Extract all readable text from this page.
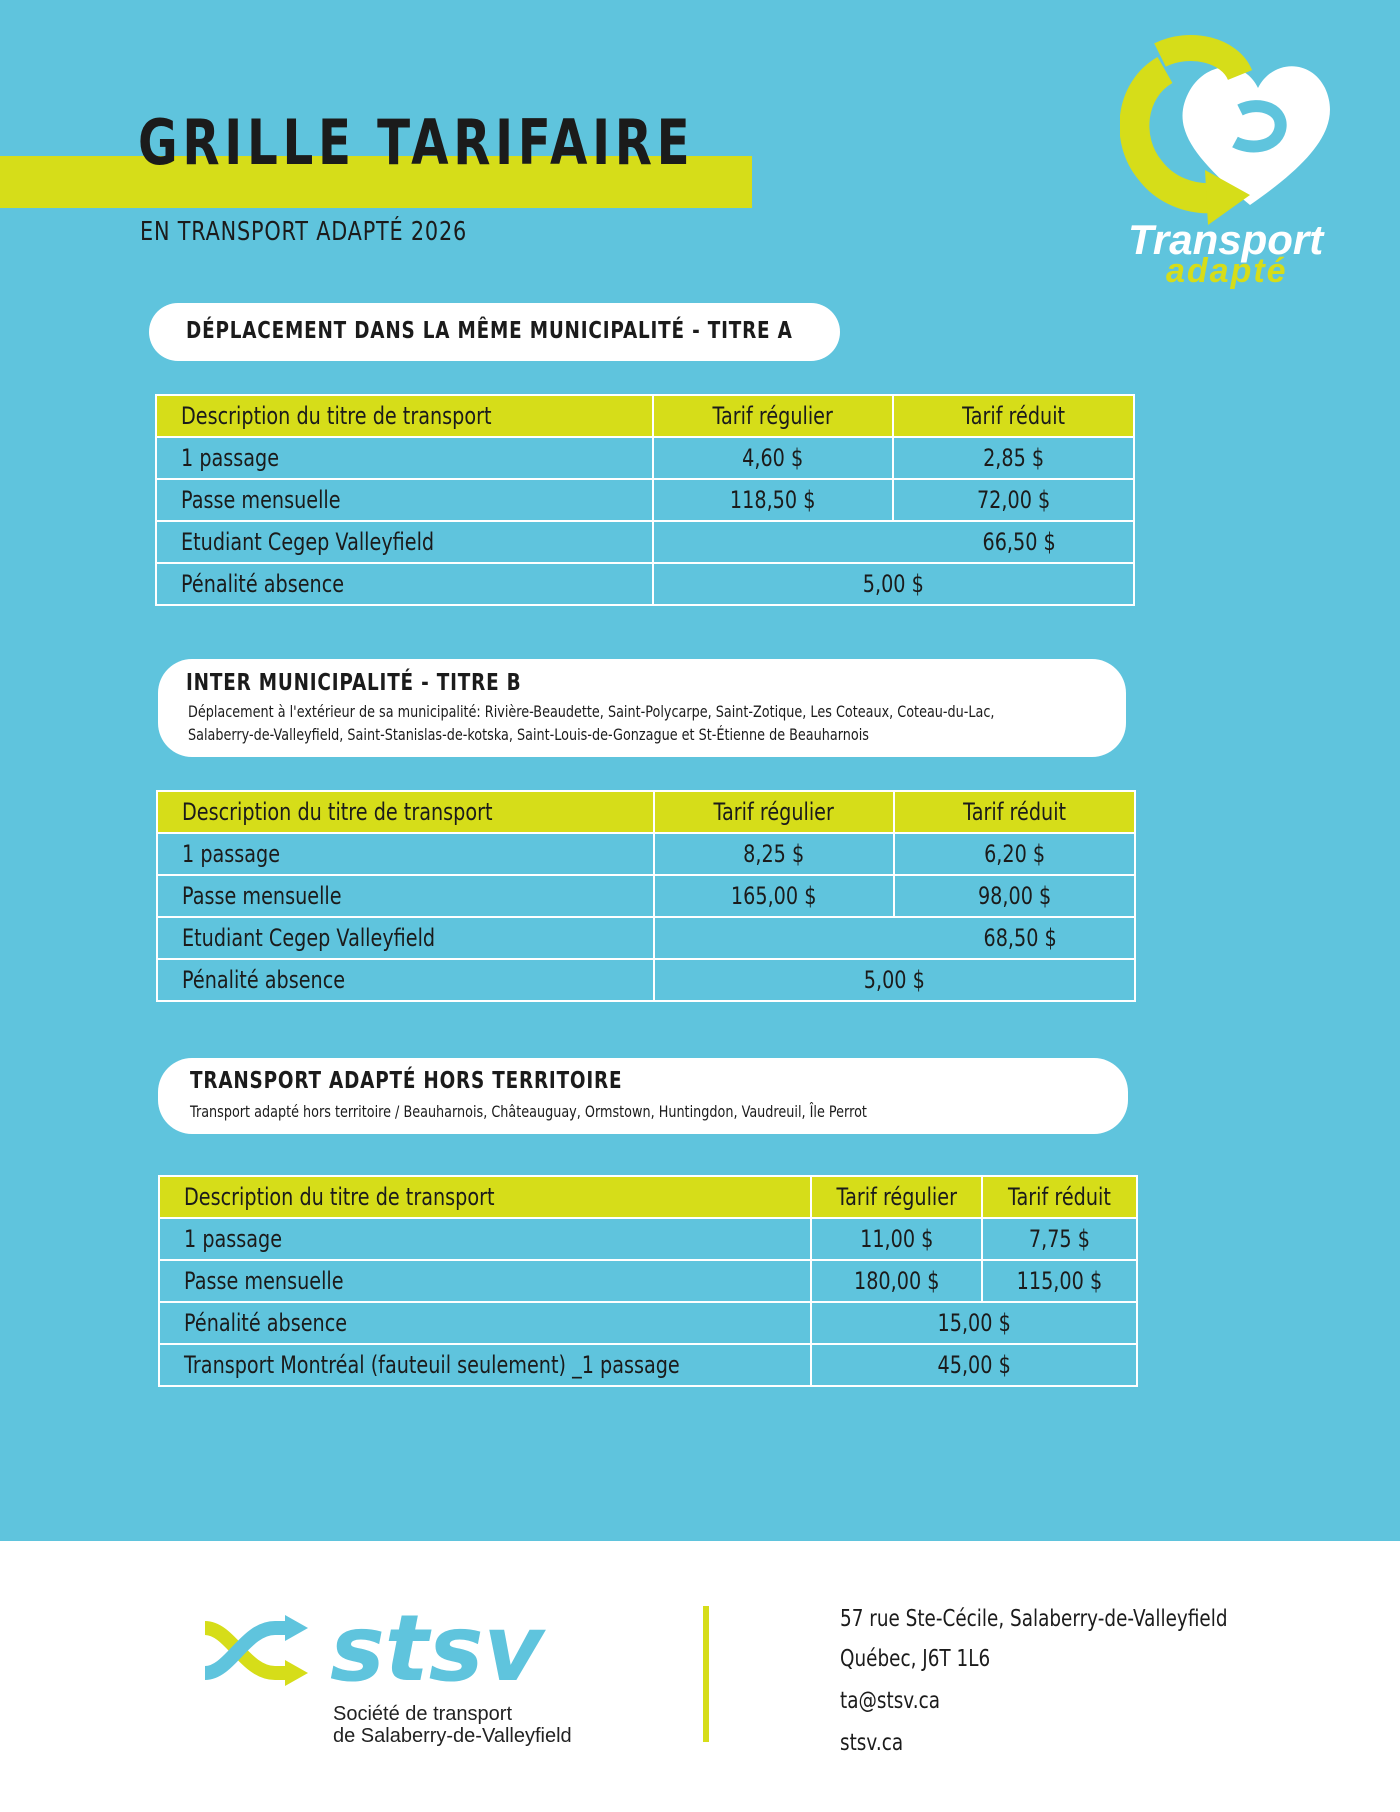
GRILLE TARIFAIRE
EN TRANSPORT ADAPTÉ 2026	Transport
adapté
DÉPLACEMENT DANS LA MÊME MUNICIPALITÉ - TITRE A
Description du titre de transport	Tarif régulier	Tarif réduit

1 passage	4,60 $	2,85 $

Passe mensuelle	118,50 $	72,00 $

Etudiant Cegep Valleyfield	66,50 $	

Pénalité absence	5,00 $	
INTER MUNICIPALITÉ - TITRE B
Déplacement à l'extérieur de sa municipalité: Rivière-Beaudette, Saint-Polycarpe, Saint-Zotique, Les Coteaux, Coteau-du-Lac,
Salaberry-de-Valleyfield, Saint-Stanislas-de-kotska, Saint-Louis-de-Gonzague et St-Étienne de Beauharnois
Description du titre de transport	Tarif régulier	Tarif réduit

1 passage	8,25 $	6,20 $

Passe mensuelle	165,00 $	98,00 $

Etudiant Cegep Valleyfield	68,50 $	

Pénalité absence	5,00 $	
TRANSPORT ADAPTÉ HORS TERRITOIRE
Transport adapté hors territoire / Beauharnois, Châteauguay, Ormstown, Huntingdon, Vaudreuil, Île Perrot
Description du titre de transport	Tarif régulier	Tarif réduit

1 passage	11,00 $	7,75 $

Passe mensuelle	180,00 $	115,00 $

Pénalité absence	15,00 $	

Transport Montréal (fauteuil seulement) _1 passage	45,00 $	
stsv
Société de transport
de Salaberry-de-Valleyfield
57 rue Ste-Cécile, Salaberry-de-Valleyfield
Québec, J6T 1L6
ta@stsv.ca
stsv.ca
